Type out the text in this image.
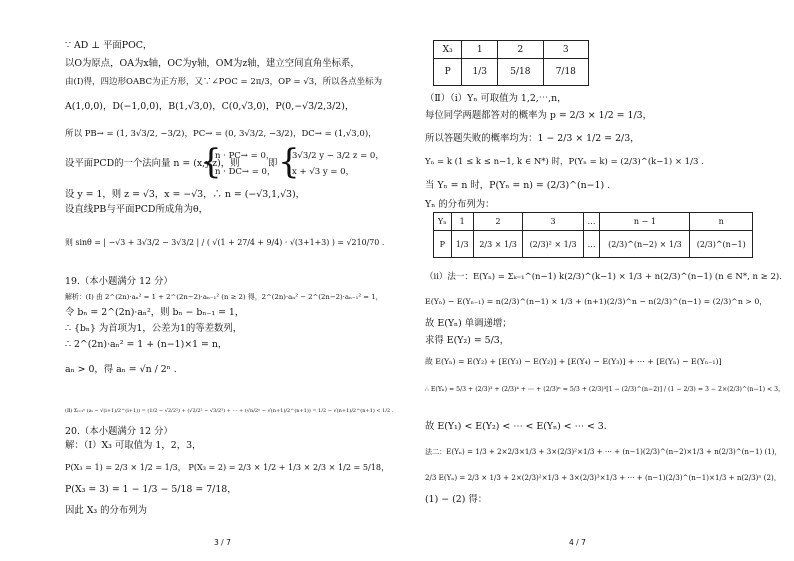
∵ AD ⊥ 平面POC，
以O为原点，OA为x轴，OC为y轴，OM为z轴，建立空间直角坐标系，
由(Ⅰ)得，四边形OABC为正方形，又∵∠POC = 2π/3，OP = √3，所以各点坐标为
A(1,0,0)，D(−1,0,0)，B(1,√3,0)，C(0,√3,0)，P(0,−√3/2,3/2)，
所以 PB→ = (1, 3√3/2, −3/2)，PC→ = (0, 3√3/2, −3/2)，DC→ = (1,√3,0)，
设平面PCD的一个法向量 n = (x,y,z)，则
{
n · PC→ = 0，
n · DC→ = 0，
即 {
3√3/2 y − 3/2 z = 0，
x + √3 y = 0，
设 y = 1，则 z = √3，x = −√3，∴ n = (−√3,1,√3)，
设直线PB与平面PCD所成角为θ，
则 sinθ = | −√3 + 3√3/2 − 3√3/2 | / ( √(1 + 27/4 + 9/4) · √(3+1+3) ) = √210/70 .
19.（本小题满分 12 分）
解析：(Ⅰ) 由 2^(2n)·aₙ² = 1 + 2^(2n−2)·aₙ₋₁² (n ≥ 2) 得，2^(2n)·aₙ² − 2^(2n−2)·aₙ₋₁² = 1，
令 bₙ = 2^(2n)·aₙ²，则 bₙ − bₙ₋₁ = 1，
∴ {bₙ} 为首项为1，公差为1的等差数列，
∴ 2^(2n)·aₙ² = 1 + (n−1)×1 = n，
aₙ > 0，得 aₙ = √n / 2ⁿ .
(Ⅱ) Σᵢ₌₁ⁿ (aᵢ − √(i+1)/2^(i+1)) = (1/2 − √2/2²) + (√2/2² − √3/2³) + ⋯ + (√n/2ⁿ − √(n+1)/2^(n+1)) = 1/2 − √(n+1)/2^(n+1) < 1/2 .
20.（本小题满分 12 分）
解：（Ⅰ）X₃ 可取值为 1，2，3，
P(X₃ = 1) = 2/3 × 1/2 = 1/3， P(X₃ = 2) = 2/3 × 1/2 + 1/3 × 2/3 × 1/2 = 5/18，
P(X₃ = 3) = 1 − 1/3 − 5/18 = 7/18，
因此 X₃ 的分布列为
3 / 7
X₃	1	2	3
P	1/3	5/18	7/18
（Ⅱ）（i）Yₙ 可取值为 1,2,⋯,n，
每位同学两题都答对的概率为 p = 2/3 × 1/2 = 1/3，
所以答题失败的概率均为：1 − 2/3 × 1/2 = 2/3，
Yₙ = k (1 ≤ k ≤ n−1, k ∈ N*) 时，P(Yₙ = k) = (2/3)^(k−1) × 1/3 .
当 Yₙ = n 时，P(Yₙ = n) = (2/3)^(n−1) .
Yₙ 的分布列为：
Yₙ	1	2	3	…	n − 1	n
P	1/3	2/3 × 1/3	(2/3)² × 1/3	…	(2/3)^(n−2) × 1/3	(2/3)^(n−1)
（ii）法一：E(Yₙ) = Σₖ₌₁^(n−1) k(2/3)^(k−1) × 1/3 + n(2/3)^(n−1) (n ∈ N*, n ≥ 2).
E(Yₙ) − E(Yₙ₋₁) = n(2/3)^(n−1) × 1/3 + (n+1)(2/3)^n − n(2/3)^(n−1) = (2/3)^n > 0，
故 E(Yₙ) 单调递增；
求得 E(Y₂) = 5/3，
故 E(Yₙ) = E(Y₂) + [E(Y₃) − E(Y₂)] + [E(Y₄) − E(Y₃)] + ⋯ + [E(Yₙ) − E(Yₙ₋₁)]
∴ E(Yₙ) = 5/3 + (2/3)³ + (2/3)⁴ + ⋯ + (2/3)ⁿ = 5/3 + (2/3)³[1 − (2/3)^(n−2)] / (1 − 2/3) = 3 − 2×(2/3)^(n−1) < 3，
故 E(Y₁) < E(Y₂) < ⋯ < E(Yₙ) < ⋯ < 3.
法二：E(Yₙ) = 1/3 + 2×2/3×1/3 + 3×(2/3)²×1/3 + ⋯ + (n−1)(2/3)^(n−2)×1/3 + n(2/3)^(n−1) (1)，
2/3 E(Yₙ) = 2/3 × 1/3 + 2×(2/3)²×1/3 + 3×(2/3)³×1/3 + ⋯ + (n−1)(2/3)^(n−1)×1/3 + n(2/3)ⁿ (2)，
(1) − (2) 得：
4 / 7
